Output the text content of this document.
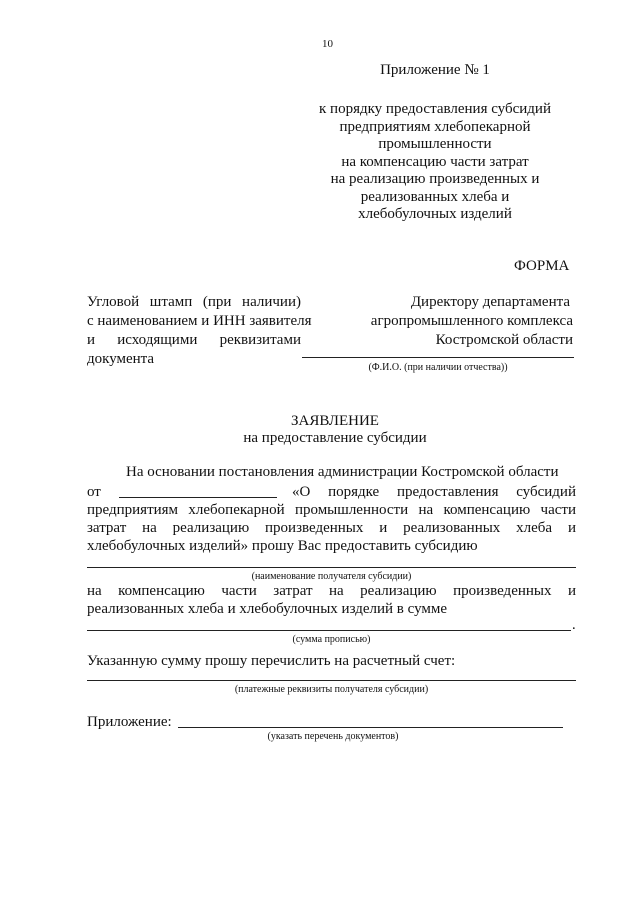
10
Приложение № 1
к порядку предоставления субсидий
предприятиям хлебопекарной
промышленности
на компенсацию части затрат
на реализацию произведенных и
реализованных хлеба и
хлебобулочных изделий
ФОРМА
Угловой штамп (при наличии)
с наименованием и ИНН заявителя
и исходящими реквизитами
документа
Директору департамента
агропромышленного комплекса
Костромской области
(Ф.И.О. (при наличии отчества))
ЗАЯВЛЕНИЕ
на предоставление субсидии
На основании постановления администрации Костромской области
от	«О порядке предоставления субсидий
предприятиям хлебопекарной промышленности на компенсацию части
затрат на реализацию произведенных и реализованных хлеба и
хлебобулочных изделий» прошу Вас предоставить субсидию
(наименование получателя субсидии)
на компенсацию части затрат на реализацию произведенных и
реализованных хлеба и хлебобулочных изделий в сумме
.
(сумма прописью)
Указанную сумму прошу перечислить на расчетный счет:
(платежные реквизиты получателя субсидии)
Приложение:
(указать перечень документов)
